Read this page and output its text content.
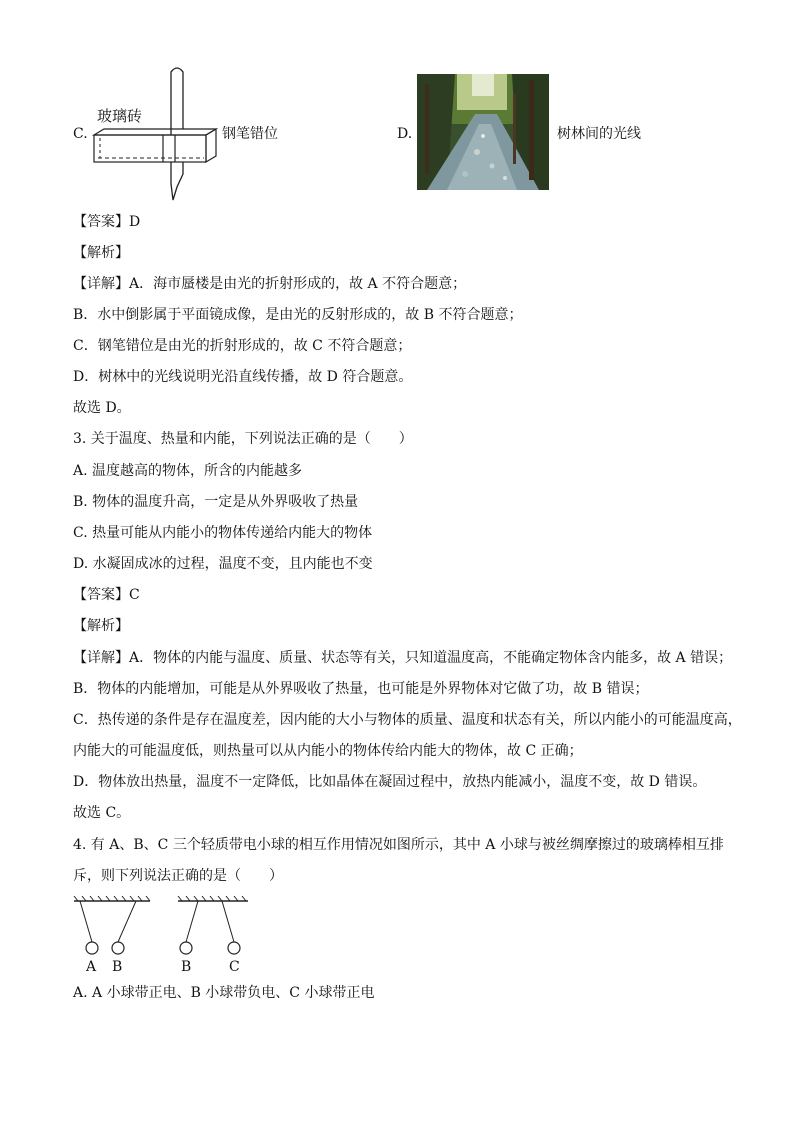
C.
玻璃砖
钢笔错位	D.	树林间的光线
【答案】D
【解析】
【详解】A．海市蜃楼是由光的折射形成的，故 A 不符合题意；
B．水中倒影属于平面镜成像，是由光的反射形成的，故 B 不符合题意；
C．钢笔错位是由光的折射形成的，故 C 不符合题意；
D．树林中的光线说明光沿直线传播，故 D 符合题意。
故选 D。
3. 关于温度、热量和内能，下列说法正确的是（　　）
A. 温度越高的物体，所含的内能越多
B. 物体的温度升高，一定是从外界吸收了热量
C. 热量可能从内能小的物体传递给内能大的物体
D. 水凝固成冰的过程，温度不变，且内能也不变
【答案】C
【解析】
【详解】A．物体的内能与温度、质量、状态等有关，只知道温度高，不能确定物体含内能多，故 A 错误；
B．物体的内能增加，可能是从外界吸收了热量，也可能是外界物体对它做了功，故 B 错误；
C．热传递的条件是存在温度差，因内能的大小与物体的质量、温度和状态有关，所以内能小的可能温度高，
内能大的可能温度低，则热量可以从内能小的物体传给内能大的物体，故 C 正确；
D．物体放出热量，温度不一定降低，比如晶体在凝固过程中，放热内能减小，温度不变，故 D 错误。
故选 C。
4. 有 A、B、C 三个轻质带电小球的相互作用情况如图所示，其中 A 小球与被丝绸摩擦过的玻璃棒相互排
斥，则下列说法正确的是（　　）
A B	B	C
A. A 小球带正电、B 小球带负电、C 小球带正电
